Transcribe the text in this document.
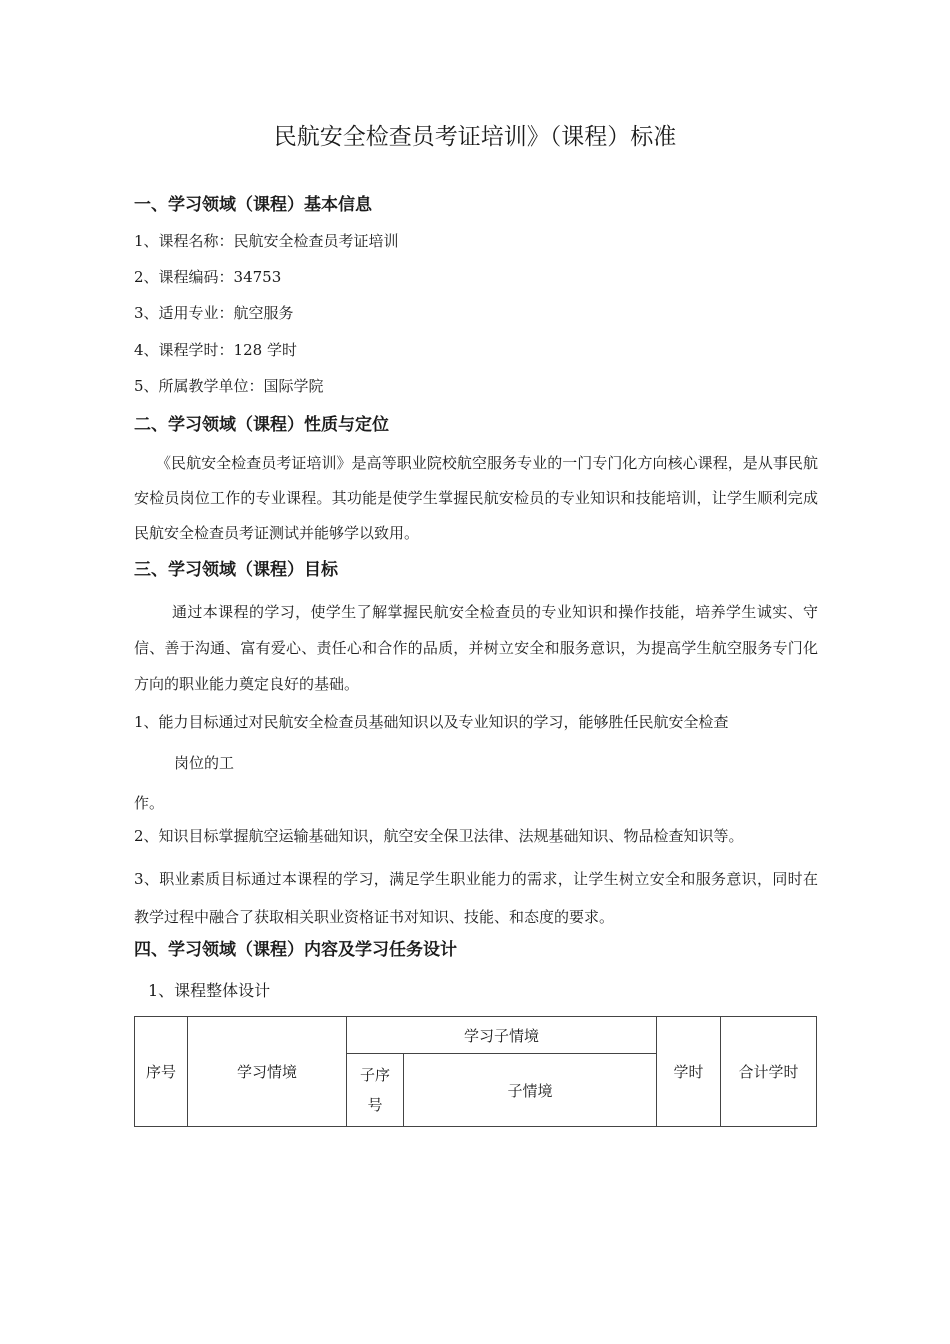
民航安全检查员考证培训》（课程）标准
一、学习领域（课程）基本信息
1、课程名称：民航安全检查员考证培训
2、课程编码：34753
3、适用专业：航空服务
4、课程学时：128 学时
5、所属教学单位：国际学院
二、学习领域（课程）性质与定位
《民航安全检查员考证培训》是高等职业院校航空服务专业的一门专门化方向核心课程，是从事民航安检员岗位工作的专业课程。其功能是使学生掌握民航安检员的专业知识和技能培训，让学生顺利完成民航安全检查员考证测试并能够学以致用。
三、学习领域（课程）目标
通过本课程的学习，使学生了解掌握民航安全检查员的专业知识和操作技能，培养学生诚实、守信、善于沟通、富有爱心、责任心和合作的品质，并树立安全和服务意识，为提高学生航空服务专门化方向的职业能力奠定良好的基础。
1、能力目标通过对民航安全检查员基础知识以及专业知识的学习，能够胜任民航安全检查
岗位的工
作。
2、知识目标掌握航空运输基础知识，航空安全保卫法律、法规基础知识、物品检查知识等。
3、职业素质目标通过本课程的学习，满足学生职业能力的需求，让学生树立安全和服务意识，同时在教学过程中融合了获取相关职业资格证书对知识、技能、和态度的要求。
四、学习领域（课程）内容及学习任务设计
1、课程整体设计
序号	学习情境	学习子情境		学时	合计学时
		子序号	子情境		
